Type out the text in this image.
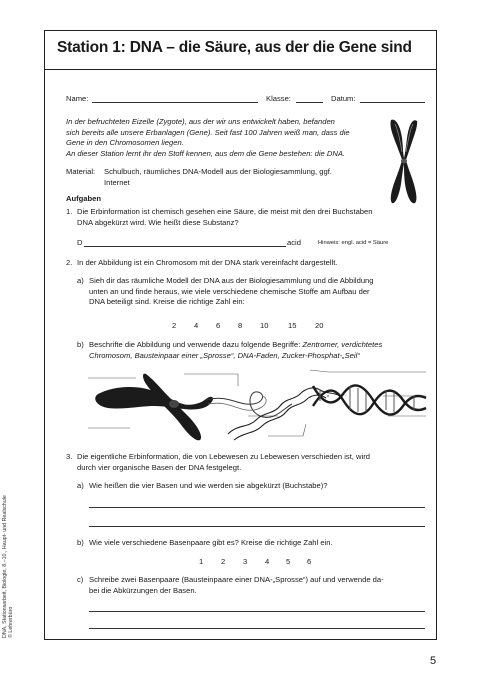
Station 1: DNA – die Säure, aus der die Gene sind
Name:	Klasse:	Datum:
In der befruchteten Eizelle (Zygote), aus der wir uns entwickelt haben, befanden
sich bereits alle unsere Erbanlagen (Gene). Seit fast 100 Jahren weiß man, dass die
Gene in den Chromosomen liegen.
An dieser Station lernt ihr den Stoff kennen, aus dem die Gene bestehen: die DNA.
Material: Schulbuch, räumliches DNA-Modell aus der Biologiesammlung, ggf.
Internet
Aufgaben
1. Die Erbinformation ist chemisch gesehen eine Säure, die meist mit den drei Buchstaben
DNA abgekürzt wird. Wie heißt diese Substanz?
D	acid	Hinweis: engl. acid = Säure
2. In der Abbildung ist ein Chromosom mit der DNA stark vereinfacht dargestellt.
a) Sieh dir das räumliche Modell der DNA aus der Biologiesammlung und die Abbildung
unten an und finde heraus, wie viele verschiedene chemische Stoffe am Aufbau der
DNA beteiligt sind. Kreise die richtige Zahl ein:
2 4 6 8 10	15 20
b) Beschrifte die Abbildung und verwende dazu folgende Begriffe: Zentromer, verdichtetes
Chromosom, Bausteinpaar einer „Sprosse“, DNA-Faden, Zucker-Phosphat-„Seil“
3. Die eigentliche Erbinformation, die von Lebewesen zu Lebewesen verschieden ist, wird
durch vier organische Basen der DNA festgelegt.
a) Wie heißen die vier Basen und wie werden sie abgekürzt (Buchstabe)?
b) Wie viele verschiedene Basenpaare gibt es? Kreise die richtige Zahl ein.
1 2 3 4 5 6
c) Schreibe zwei Basenpaare (Bausteinpaare einer DNA-„Sprosse“) auf und verwende da-
bei die Abkürzungen der Basen.
DNA, Stationsarbeit, Biologie, 8.–10., Haupt- und Realschule © Lehrerbüro
5
